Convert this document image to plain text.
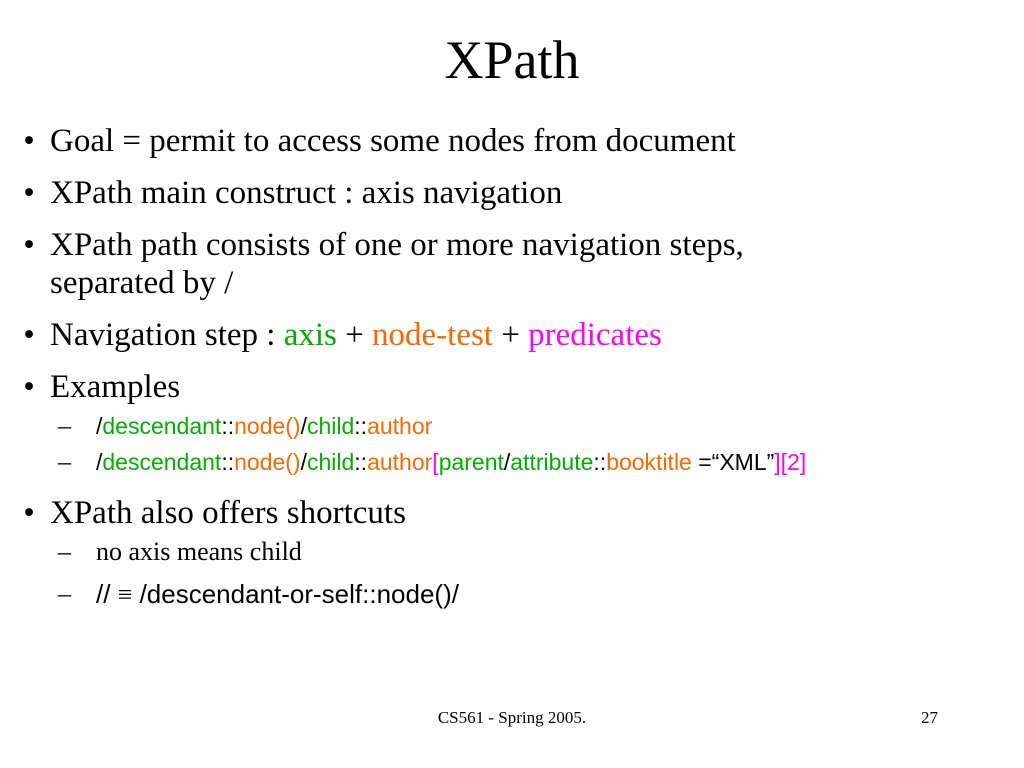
XPath
• Goal = permit to access some nodes from document
• XPath main construct : axis navigation
• XPath path consists of one or more navigation steps,
separated by /
• Navigation step : axis + node-test + predicates
• Examples
– /descendant::node()/child::author
– /descendant::node()/child::author[parent/attribute::booktitle =“XML”][2]
• XPath also offers shortcuts
– no axis means child
– // ≡ /descendant-or-self::node()/
CS561 - Spring 2005.	27
